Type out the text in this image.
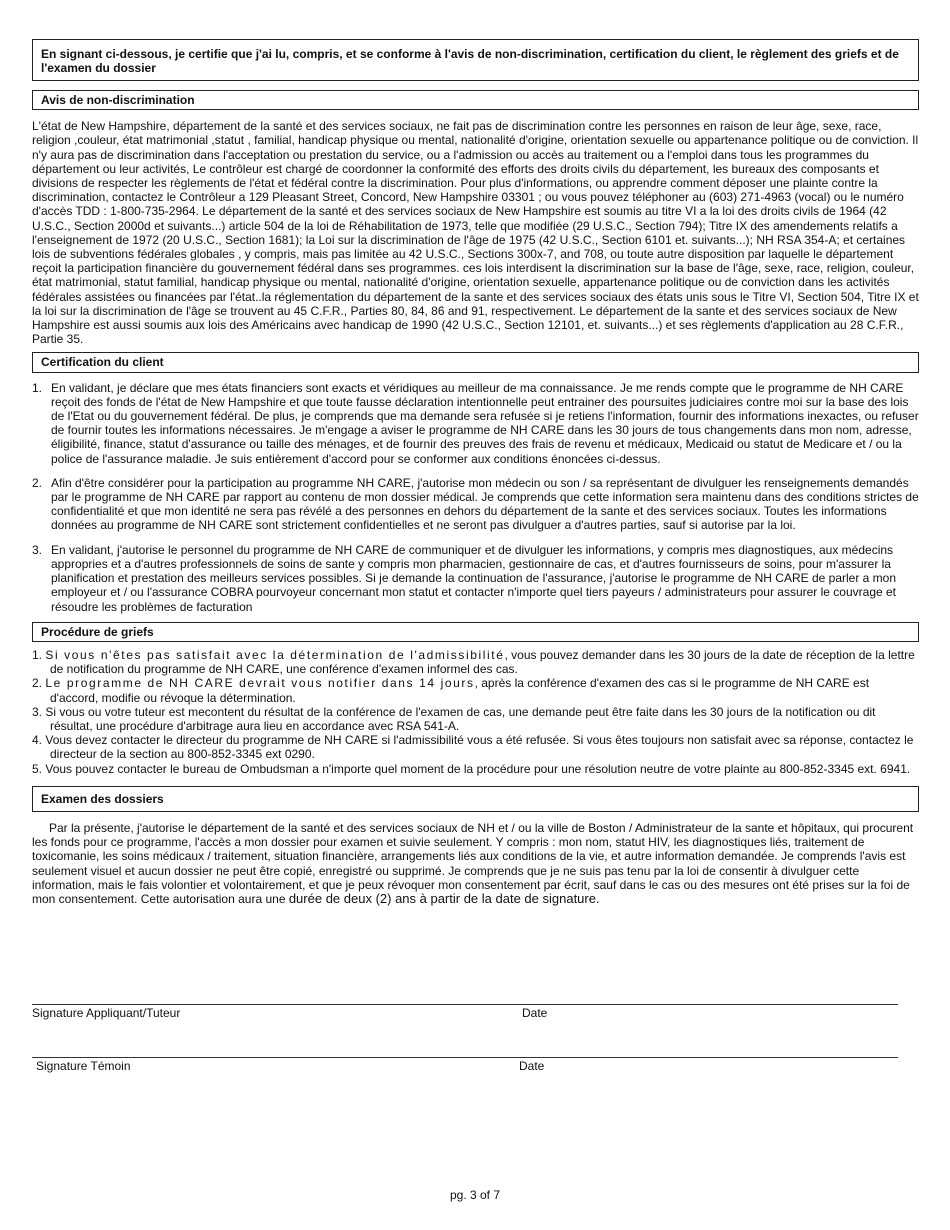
En signant ci-dessous, je certifie que j'ai lu, compris, et se conforme à l'avis de non-discrimination, certification du client, le règlement des griefs et de l'examen du dossier
Avis de non-discrimination

L'état de New Hampshire, département de la santé et des services sociaux, ne fait pas de discrimination contre les personnes en raison de leur âge, sexe, race, religion ,couleur, état matrimonial ,statut , familial, handicap physique ou mental, nationalité d'origine, orientation sexuelle ou appartenance politique ou de conviction. Il n'y aura pas de discrimination dans l'acceptation ou prestation du service, ou a l'admission ou accès au traitement ou a l'emploi dans tous les programmes du département ou leur activités, Le contrôleur est chargé de coordonner la conformité des efforts des droits civils du département, les bureaux des composants et divisions de respecter les règlements de l'état et fédéral contre la discrimination. Pour plus d'informations, ou apprendre comment déposer une plainte contre la discrimination, contactez le Contrôleur a 129 Pleasant Street, Concord, New Hampshire 03301 ; ou vous pouvez téléphoner au (603) 271-4963 (vocal) ou le numéro d'accès TDD : 1-800-735-2964. Le département de la santé et des services sociaux de New Hampshire est soumis au titre VI a la loi des droits civils de 1964 (42 U.S.C., Section 2000d et suivants...) article 504 de la loi de Réhabilitation de 1973, telle que modifiée (29 U.S.C., Section 794); Titre IX des amendements relatifs a l'enseignement de 1972 (20 U.S.C., Section 1681); la Loi sur la discrimination de l'âge de 1975 (42 U.S.C., Section 6101 et. suivants...); NH RSA 354-A; et certaines lois de subventions fédérales globales , y compris, mais pas limitée au 42 U.S.C., Sections 300x-7, and 708, ou toute autre disposition par laquelle le département reçoit la participation financière du gouvernement fédéral dans ses programmes. ces lois interdisent la discrimination sur la base de l'âge, sexe, race, religion, couleur, état matrimonial, statut familial, handicap physique ou mental, nationalité d'origine, orientation sexuelle, appartenance politique ou de conviction dans les activités fédérales assistées ou financées par l'état..la réglementation du département de la sante et des services sociaux des états unis sous le Titre VI, Section 504, Titre IX et la loi sur la discrimination de l'âge se trouvent au 45 C.F.R., Parties 80, 84, 86 and 91, respectivement. Le département de la sante et des services sociaux de New Hampshire est aussi soumis aux lois des Américains avec handicap de 1990 (42 U.S.C., Section 12101, et. suivants...) et ses règlements d'application au 28 C.F.R., Partie 35.

Certification du client
1. En validant, je déclare que mes états financiers sont exacts et véridiques au meilleur de ma connaissance. Je me rends compte que le programme de NH CARE reçoit des fonds de l'état de New Hampshire et que toute fausse déclaration intentionnelle peut entrainer des poursuites judiciaires contre moi sur la base des lois de l'Etat ou du gouvernement fédéral. De plus, je comprends que ma demande sera refusée si je retiens l'information, fournir des informations inexactes, ou refuser de fournir toutes les informations nécessaires. Je m'engage a aviser le programme de NH CARE dans les 30 jours de tous changements dans mon nom, adresse, éligibilité, finance, statut d'assurance ou taille des ménages, et de fournir des preuves des frais de revenu et médicaux, Medicaid ou statut de Medicare et / ou la police de l'assurance maladie. Je suis entièrement d'accord pour se conformer aux conditions énoncées ci-dessus.
2. Afin d'être considérer pour la participation au programme NH CARE, j'autorise mon médecin ou son / sa représentant de divulguer les renseignements demandés par le programme de NH CARE par rapport au contenu de mon dossier médical. Je comprends que cette information sera maintenu dans des conditions strictes de confidentialité et que mon identité ne sera pas révélé a des personnes en dehors du département de la sante et des services sociaux. Toutes les informations données au programme de NH CARE sont strictement confidentielles et ne seront pas divulguer a d'autres parties, sauf si autorise par la loi.
3. En validant, j'autorise le personnel du programme de NH CARE de communiquer et de divulguer les informations, y compris mes diagnostiques, aux médecins appropries et a d'autres professionnels de soins de sante y compris mon pharmacien, gestionnaire de cas, et d'autres fournisseurs de soins, pour m'assurer la planification et prestation des meilleurs services possibles. Si je demande la continuation de l'assurance, j'autorise le programme de NH CARE de parler a mon employeur et / ou l'assurance COBRA pourvoyeur concernant mon statut et contacter n'importe quel tiers payeurs / administrateurs pour assurer le couvrage et résoudre les problèmes de facturation
Procédure de griefs
1. Si vous n'êtes pas satisfait avec la détermination de l'admissibilité, vous pouvez demander dans les 30 jours de la date de réception de la lettre de notification du programme de NH CARE, une conférence d'examen informel des cas.
2. Le programme de NH CARE devrait vous notifier dans 14 jours, après la conférence d'examen des cas si le programme de NH CARE est d'accord, modifie ou révoque la détermination.
3. Si vous ou votre tuteur est mecontent du résultat de la conférence de l'examen de cas, une demande peut être faite dans les 30 jours de la notification ou dit résultat, une procédure d'arbitrage aura lieu en accordance avec RSA 541-A.
4. Vous devez contacter le directeur du programme de NH CARE si l'admissibilité vous a été refusée. Si vous êtes toujours non satisfait avec sa réponse, contactez le directeur de la section au 800-852-3345 ext 0290.
5. Vous pouvez contacter le bureau de Ombudsman a n'importe quel moment de la procédure pour une résolution neutre de votre plainte au 800-852-3345 ext. 6941.
Examen des dossiers

Par la présente, j'autorise le département de la santé et des services sociaux de NH et / ou la ville de Boston / Administrateur de la sante et hôpitaux, qui procurent les fonds pour ce programme, l'accès a mon dossier pour examen et suivie seulement. Y compris : mon nom, statut HIV, les diagnostiques liés, traitement de toxicomanie, les soins médicaux / traitement, situation financière, arrangements liés aux conditions de la vie, et autre information demandée. Je comprends l'avis est seulement visuel et aucun dossier ne peut être copié, enregistré ou supprimé. Je comprends que je ne suis pas tenu par la loi de consentir à divulguer cette information, mais le fais volontier et volontairement, et que je peux révoquer mon consentement par écrit, sauf dans le cas ou des mesures ont été prises sur la foi de mon consentement. Cette autorisation aura une durée de deux (2) ans à partir de la date de signature.

Signature Appliquant/Tuteur	Date
Signature Témoin	Date
pg. 3 of 7
